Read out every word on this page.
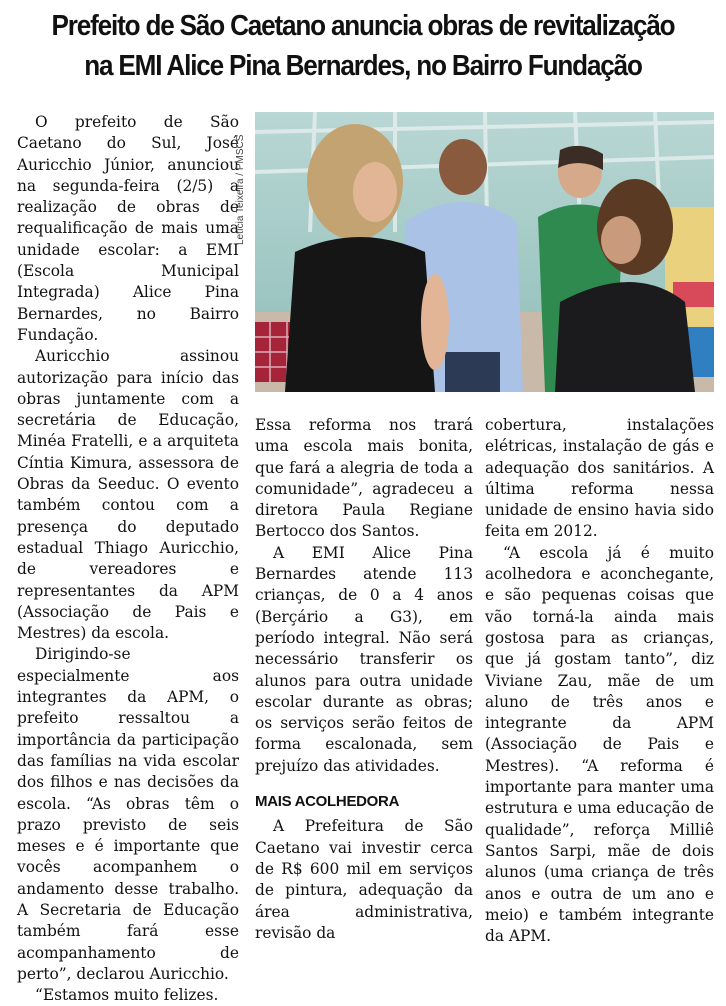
Prefeito de São Caetano anuncia obras de revitalização
na EMI Alice Pina Bernardes, no Bairro Fundação

O prefeito de São Caetano do Sul, José Auricchio Júnior, anunciou na segunda-feira (2/5) a realização de obras de requalificação de mais uma unidade escolar: a EMI (Escola Municipal Integrada) Alice Pina Bernardes, no Bairro Fundação.

Auricchio assinou autorização para início das obras juntamente com a secretária de Educação, Minéa Fratelli, e a arquiteta Cíntia Kimura, assessora de Obras da Seeduc. O evento também contou com a presença do deputado estadual Thiago Auricchio, de vereadores e representantes da APM (Associação de Pais e Mestres) da escola.

Dirigindo-se especialmente aos integrantes da APM, o prefeito ressaltou a importância da participação das famílias na vida escolar dos filhos e nas decisões da escola. “As obras têm o prazo previsto de seis meses e é importante que vocês acompanhem o andamento desse trabalho. A Secretaria de Educação também fará esse acompanhamento de perto”, declarou Auricchio.

“Estamos muito felizes.

Letícia Teixeira / PMSCS

Essa reforma nos trará uma escola mais bonita, que fará a alegria de toda a comunidade”, agradeceu a diretora Paula Regiane Bertocco dos Santos.

A EMI Alice Pina Bernardes atende 113 crianças, de 0 a 4 anos (Berçário a G3), em período integral. Não será necessário transferir os alunos para outra unidade escolar durante as obras; os serviços serão feitos de forma escalonada, sem prejuízo das atividades.

MAIS ACOLHEDORA

A Prefeitura de São Caetano vai investir cerca de R$ 600 mil em serviços de pintura, adequação da área administrativa, revisão da

cobertura, instalações elétricas, instalação de gás e adequação dos sanitários. A última reforma nessa unidade de ensino havia sido feita em 2012.

“A escola já é muito acolhedora e aconchegante, e são pequenas coisas que vão torná-la ainda mais gostosa para as crianças, que já gostam tanto”, diz Viviane Zau, mãe de um aluno de três anos e integrante da APM (Associação de Pais e Mestres). “A reforma é importante para manter uma estrutura e uma educação de qualidade”, reforça Milliê Santos Sarpi, mãe de dois alunos (uma criança de três anos e outra de um ano e meio) e também integrante da APM.
